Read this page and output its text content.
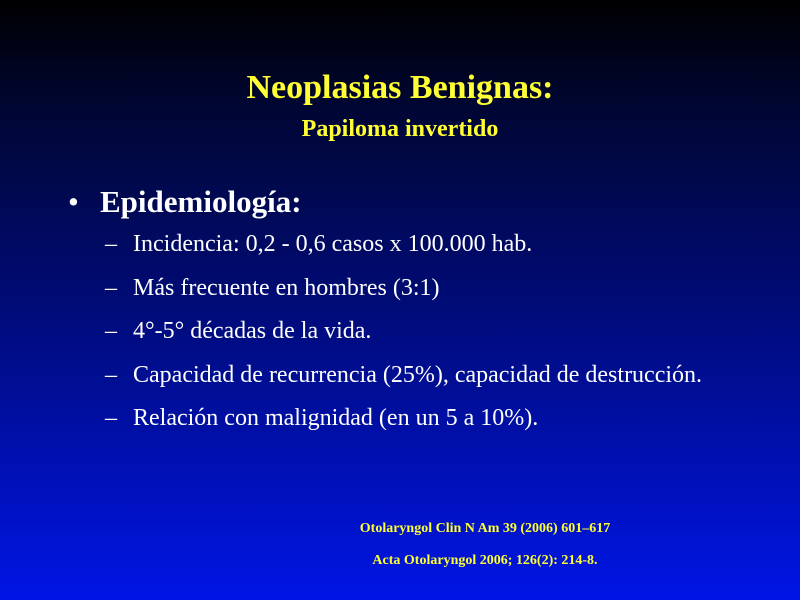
Neoplasias Benignas:
Papiloma invertido
• Epidemiología:
– Incidencia: 0,2 - 0,6 casos x 100.000 hab.
– Más frecuente en hombres (3:1)
– 4°-5° décadas de la vida.
– Capacidad de recurrencia (25%), capacidad de destrucción.
– Relación con malignidad (en un 5 a 10%).
Otolaryngol Clin N Am 39 (2006) 601–617
Acta Otolaryngol 2006; 126(2): 214-8.
